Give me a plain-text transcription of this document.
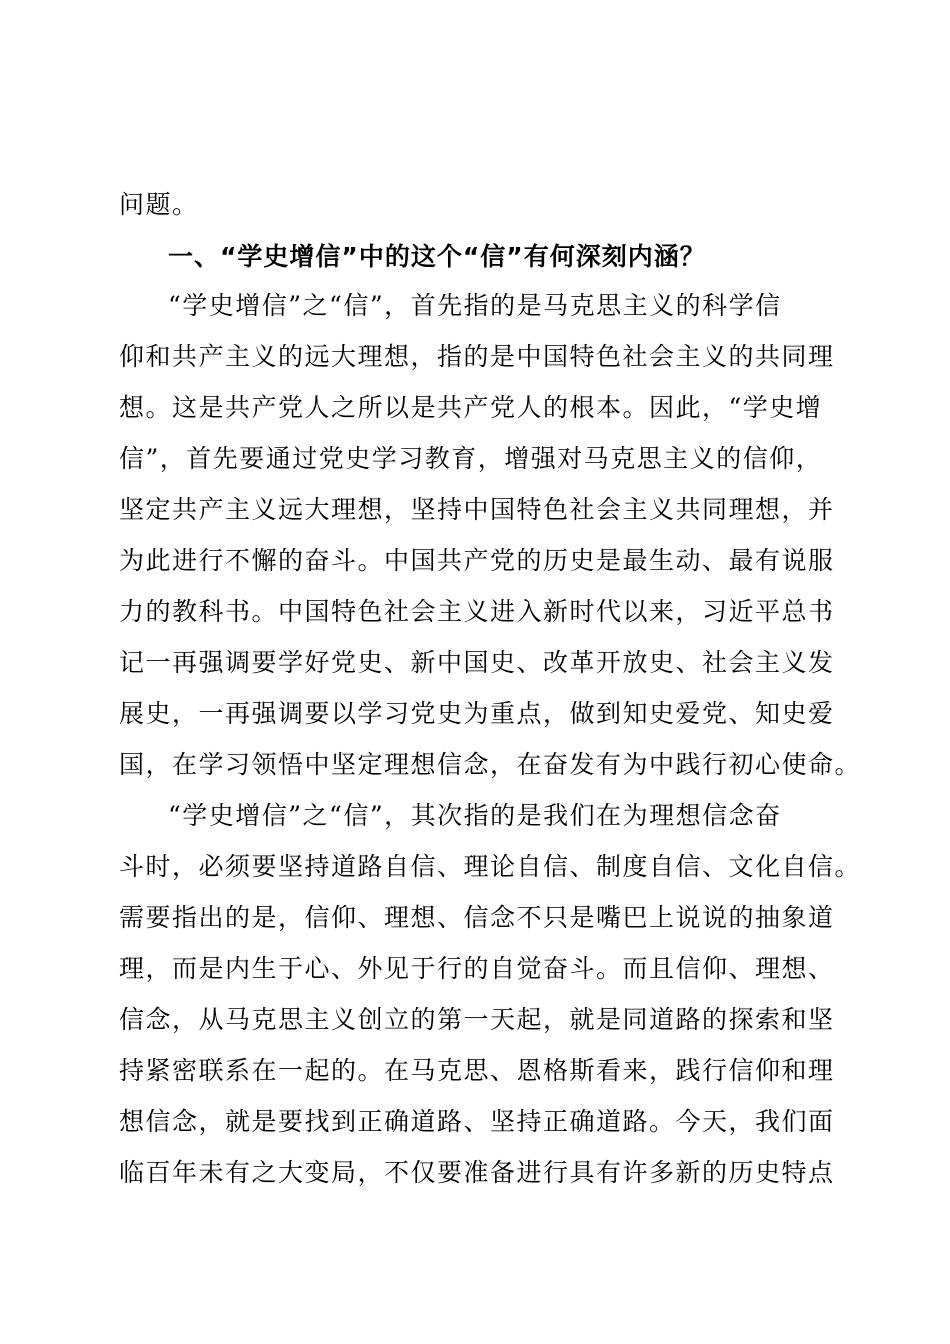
问题。
一、“学史增信”中的这个“信”有何深刻内涵？
“学史增信”之“信”，首先指的是马克思主义的科学信
仰和共产主义的远大理想，指的是中国特色社会主义的共同理
想。这是共产党人之所以是共产党人的根本。因此，“学史增
信”，首先要通过党史学习教育，增强对马克思主义的信仰，
坚定共产主义远大理想，坚持中国特色社会主义共同理想，并
为此进行不懈的奋斗。中国共产党的历史是最生动、最有说服
力的教科书。中国特色社会主义进入新时代以来，习近平总书
记一再强调要学好党史、新中国史、改革开放史、社会主义发
展史，一再强调要以学习党史为重点，做到知史爱党、知史爱
国，在学习领悟中坚定理想信念，在奋发有为中践行初心使命。
“学史增信”之“信”，其次指的是我们在为理想信念奋
斗时，必须要坚持道路自信、理论自信、制度自信、文化自信。
需要指出的是，信仰、理想、信念不只是嘴巴上说说的抽象道
理，而是内生于心、外见于行的自觉奋斗。而且信仰、理想、
信念，从马克思主义创立的第一天起，就是同道路的探索和坚
持紧密联系在一起的。在马克思、恩格斯看来，践行信仰和理
想信念，就是要找到正确道路、坚持正确道路。今天，我们面
临百年未有之大变局，不仅要准备进行具有许多新的历史特点
